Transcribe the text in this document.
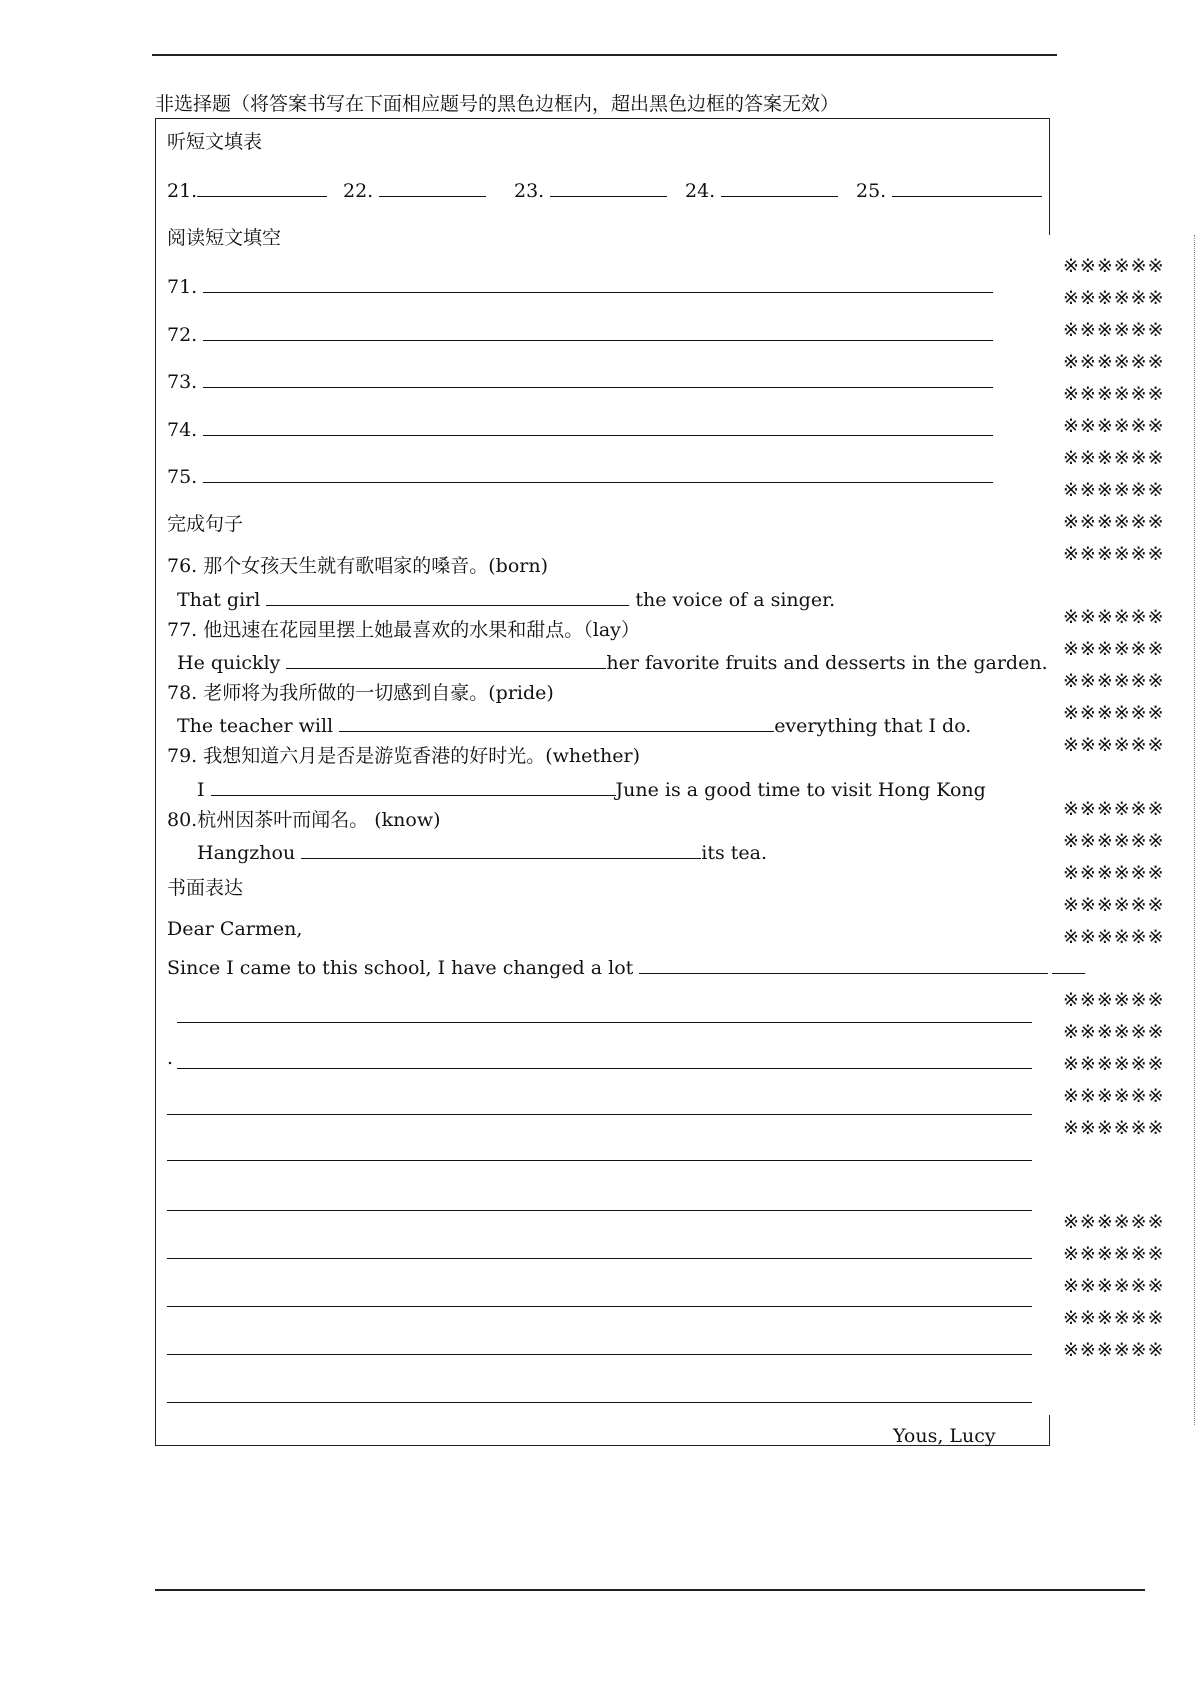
非选择题（将答案书写在下面相应题号的黑色边框内，超出黑色边框的答案无效）
听短文填表
21.	22.	23.	24.	25.
阅读短文填空
71.
72.
73.
74.
75.
完成句子
76. 那个女孩天生就有歌唱家的嗓音。(born)
That girl	the voice of a singer.
77. 他迅速在花园里摆上她最喜欢的水果和甜点。（lay）
He quickly	her favorite fruits and desserts in the garden.
78. 老师将为我所做的一切感到自豪。(pride)
The teacher will	everything that I do.
79. 我想知道六月是否是游览香港的好时光。(whether)
I	June is a good time to visit Hong Kong
80.杭州因茶叶而闻名。 (know)
Hangzhou	its tea.
书面表达
Dear Carmen,
Since I came to this school, I have changed a lot
.
Yous, Lucy
※※※※※※
※※※※※※
※※※※※※
※※※※※※
※※※※※※
※※※※※※
※※※※※※
※※※※※※
※※※※※※
※※※※※※
※※※※※※
※※※※※※
※※※※※※
※※※※※※
※※※※※※
※※※※※※
※※※※※※
※※※※※※
※※※※※※
※※※※※※
※※※※※※
※※※※※※
※※※※※※
※※※※※※
※※※※※※
※※※※※※
※※※※※※
※※※※※※
※※※※※※
※※※※※※
